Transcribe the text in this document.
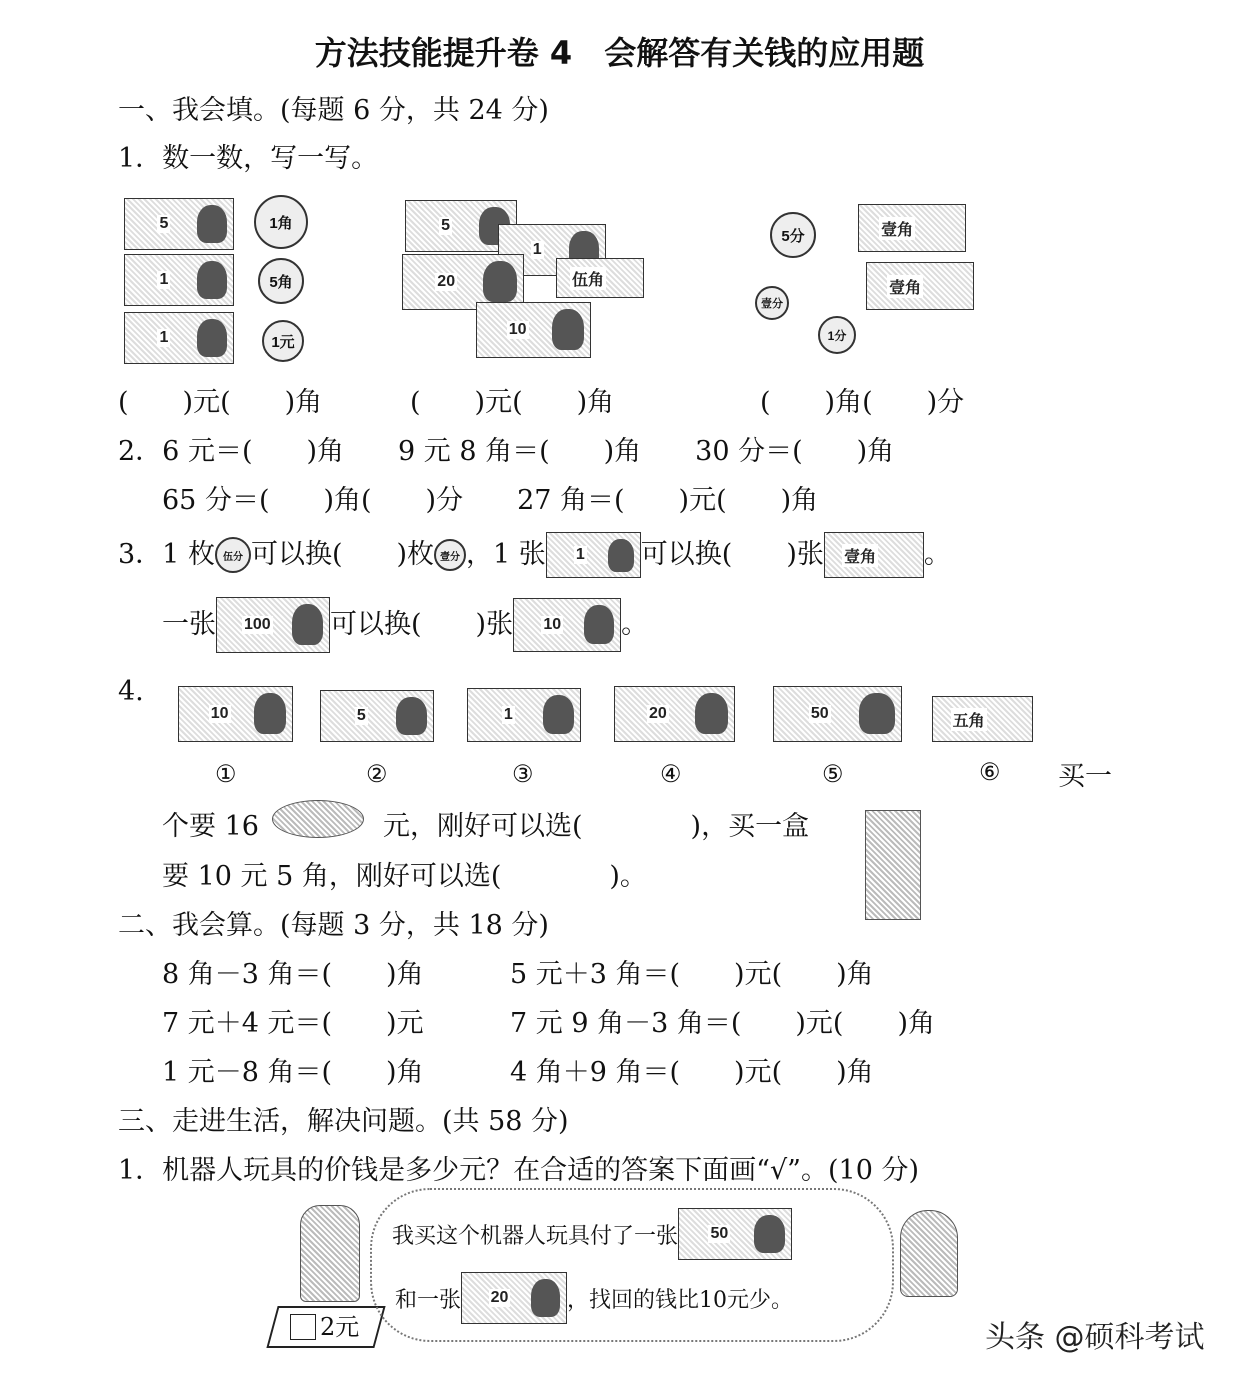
方法技能提升卷 4　会解答有关钱的应用题
一、我会填。(每题 6 分，共 24 分)
1．数一数，写一写。
5
1
1
1角
5角
1元
5
1
20
10
伍角
5分
壹分
1分
壹角
壹角
(　　)元(　　)角	(　　)元(　　)角	(　　)角(　　)分
2．6 元＝(　　)角　　9 元 8 角＝(　　)角　　30 分＝(　　)角
65 分＝(　　)角(　　)分　　27 角＝(　　)元(　　)角
3．1 枚 伍分 可以换(　　)枚 壹分 ，1 张 1 可以换(　　)张 壹角 。
一张 100 可以换(　　)张 10 。
4.
10	5	1	20	50	五角
①	②	③	④	⑤	⑥ 买一
个要 16	元，刚好可以选(　　　　)，买一盒
要 10 元 5 角，刚好可以选(　　　　)。
二、我会算。(每题 3 分，共 18 分)
8 角－3 角＝(　　)角	5 元＋3 角＝(　　)元(　　)角
7 元＋4 元＝(　　)元	7 元 9 角－3 角＝(　　)元(　　)角
1 元－8 角＝(　　)角	4 角＋9 角＝(　　)元(　　)角
三、走进生活，解决问题。(共 58 分)
1．机器人玩具的价钱是多少元？在合适的答案下面画“√”。(10 分)
2元
我买这个机器人玩具付了一张 50
和一张 20	，找回的钱比10元少。
头条 @硕科考试
